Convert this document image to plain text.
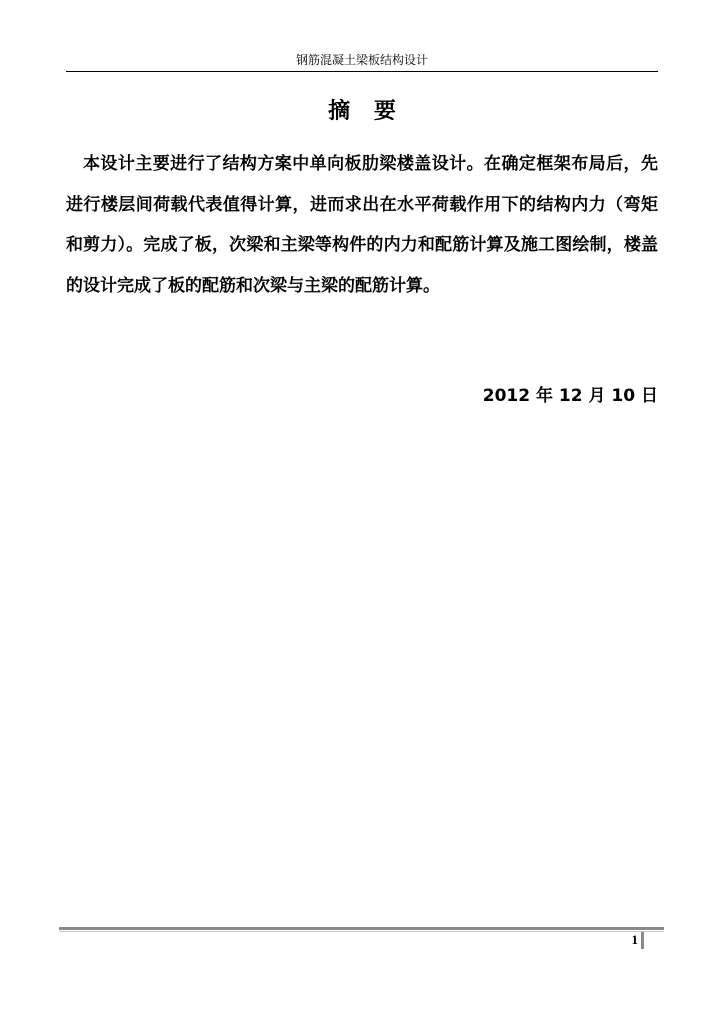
钢筋混凝土梁板结构设计
摘 要
本设计主要进行了结构方案中单向板肋梁楼盖设计。在确定框架布局后，先进行楼层间荷载代表值得计算，进而求出在水平荷载作用下的结构内力（弯矩和剪力）。完成了板，次梁和主梁等构件的内力和配筋计算及施工图绘制，楼盖的设计完成了板的配筋和次梁与主梁的配筋计算。
2012 年 12 月 10 日
1
